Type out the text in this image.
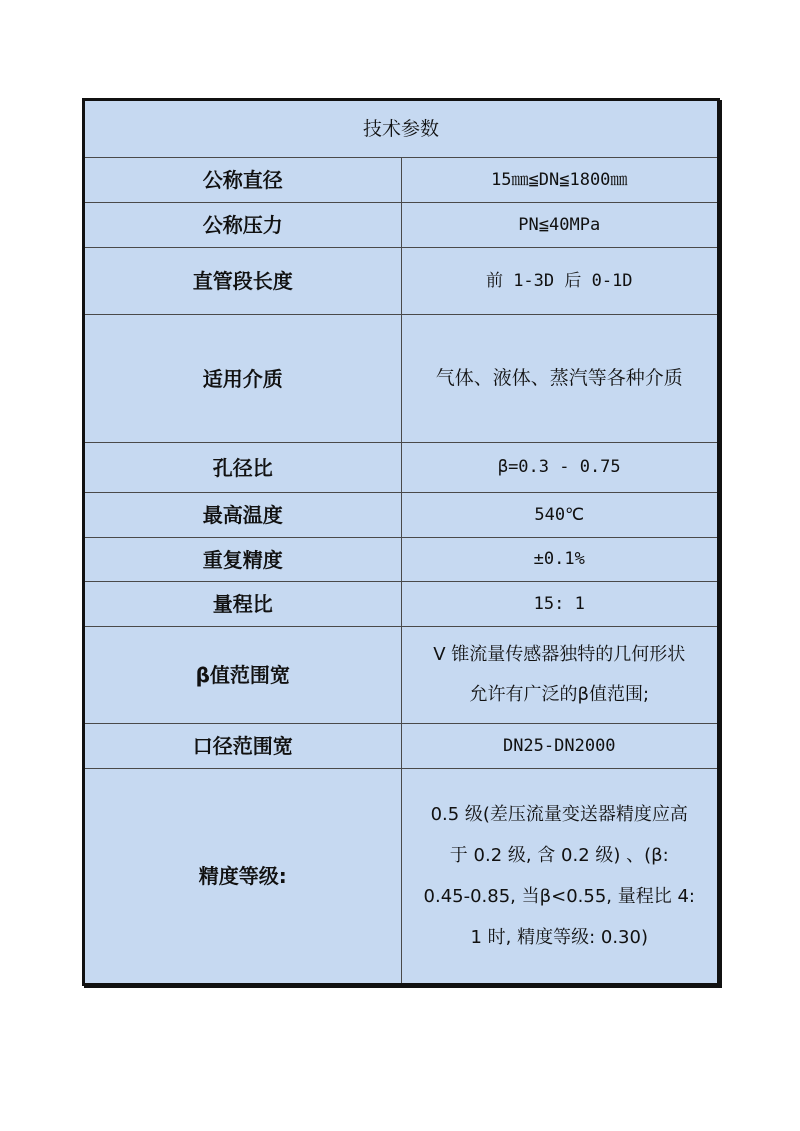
技术参数	
公称直径	15㎜≦DN≦1800㎜
公称压力	PN≦40MPa
直管段长度	前 1-3D 后 0-1D
适用介质	气体、液体、蒸汽等各种介质
孔径比	β=0.3 - 0.75
最高温度	540℃
重复精度	±0.1%
量程比	15: 1
β值范围宽	V 锥流量传感器独特的几何形状
允许有广泛的β值范围;

口径范围宽	DN25-DN2000
精度等级:	0.5 级(差压流量变送器精度应高
于 0.2 级, 含 0.2 级) 、(β:
0.45-0.85, 当β<0.55, 量程比 4:
1 时, 精度等级: 0.30)
